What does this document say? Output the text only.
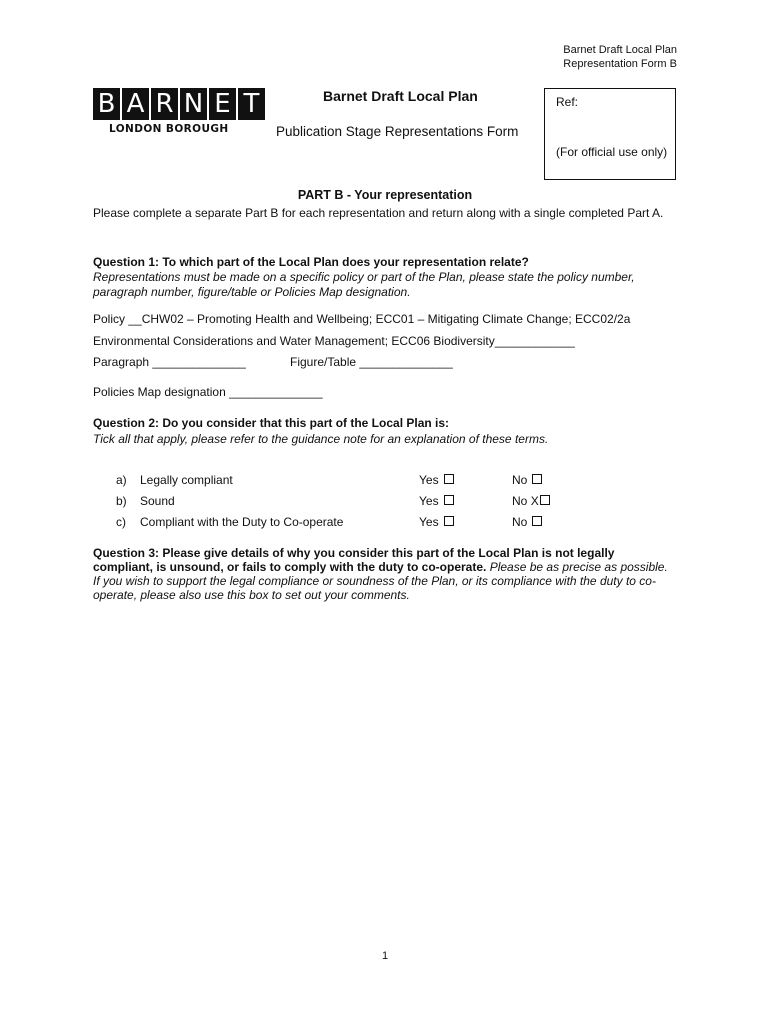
Barnet Draft Local Plan
Representation Form B
B A R N E T
LONDON BOROUGH
Barnet Draft Local Plan
Publication Stage Representations Form
Ref:
(For official use only)
PART B - Your representation
Please complete a separate Part B for each representation and return along with a single completed Part A.
Question 1: To which part of the Local Plan does your representation relate?
Representations must be made on a specific policy or part of the Plan, please state the policy number, paragraph number, figure/table or Policies Map designation.
Policy __CHW02 – Promoting Health and Wellbeing; ECC01 – Mitigating Climate Change; ECC02/2a
Environmental Considerations and Water Management; ECC06 Biodiversity____________
Paragraph ______________	Figure/Table ______________
Policies Map designation ______________
Question 2: Do you consider that this part of the Local Plan is:
Tick all that apply, please refer to the guidance note for an explanation of these terms.
a) Legally compliant	Yes	No
b) Sound	Yes	No X
c) Compliant with the Duty to Co-operate	Yes	No
Question 3: Please give details of why you consider this part of the Local Plan is not legally compliant, is unsound, or fails to comply with the duty to co-operate. Please be as precise as possible. If you wish to support the legal compliance or soundness of the Plan, or its compliance with the duty to co-operate, please also use this box to set out your comments.
1
